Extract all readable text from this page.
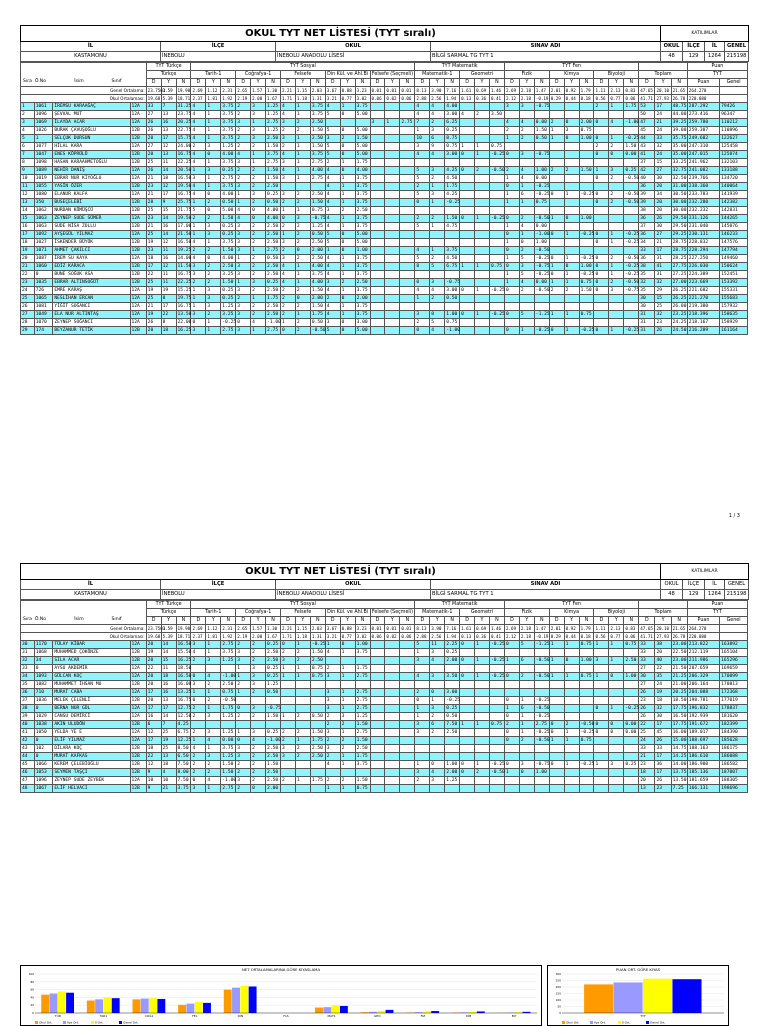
OKUL TYT NET LİSTESİ (TYT sıralı)				KATILIMLAR			
İL	İLÇE	OKUL	SINAV ADI	OKUL	İLÇE	İL	GENEL
KASTAMONU	İNEBOLU	İNEBOLU ANADOLU LİSESİ	BİLGİ SARMAL TG TYT 1	48	129	1264	215198
Sıra Ö.No İsim Sınıf				TYT Türkçe			TYT Sosyal															TYT Matematik						TYT Fen												Puan	
				Türkçe			Tarih-1			Coğrafya-1			Felsefe			Din Kül. ve Ahl.Bi			Felsefe (Seçmeli)			Matematik-1			Geometri			Fizik			Kimya			Biyoloji			Toplam			TYT	
				D	Y	N	D	Y	N	D	Y	N	D	Y	N	D	Y	N	D	Y	N	D	Y	N	D	Y	N	D	Y	N	D	Y	N	D	Y	N	D	Y	N	Puan	Genel
Genel Ortalama:				23.7501	3.59	19.90	2.69	1.12	2.31	2.65	1.57	1.30	2.21	1.15	2.03	3.67	0.88	3.23	0.01	0.01	0.01	8.13	3.90	7.16	1.61	0.69	1.46	2.69	2.18	1.47	2.01	0.92	1.79	1.11	2.13	0.83	47.65	20.10	21.65	264.270	
Okul Ortalaması:				19.68	5.39	18.71	2.37	1.81	1.92	2.19	2.08	1.67	1.71	1.18	1.31	3.21	0.77	3.02	0.06	0.02	0.06	2.88	2.56	1.94	0.13	0.36	0.41	2.12	2.18	-0.19	0.29	0.44	0.18	0.56	0.77	0.06	41.71	27.93	26.78	220.080	
1	1061	İREMSU KARAAĞAÇ	12A	33	7	31.25	4	1	3.75	2	3	1.25	4	1	3.75	4	1	3.75				4	4	4.00				3	3	-0.75				2	1	1.75	53	17	48.75	287.292	79426
2	1096	ŞEVVAL MUT	12A	27	13	23.75	4	1	3.75	2	3	1.25	4	1	3.75	5	0	5.00				4	4	3.00	4	2	3.50										50	24	44.00	273.416	96347
3	1069	İLAYDA ACAR	12A	26	16	20.25	4	1	3.75	3	1	2.75	3	2	2.50				3	1	2.75	7	2	6.25				4	4	0.00	2	0	2.00	0	4	-1.00	47	21	39.25	259.780	110212
4	1026	BURAK ÇAVUŞOĞLU	12B	26	13	22.75	4	1	3.75	2	3	1.25	2	2	1.50	5	0	5.00				1	3	0.25				2	2	1.50	1	3	0.75				45	24	39.00	259.307	110896
5	1	SELÇUK DURSUN	12B	20	17	15.75	4	1	3.75	2	3	2.50	3	1	2.50	3	2	1.50				10	6	8.75				1	2	0.50	1	0	1.00	0	1	-0.25	44	33	35.75	249.682	122627
6	1077	HİLAL KARA	12A	27	12	24.00	2	3	1.25	2	2	1.50	2	1	1.50	5	0	5.00				3	9	0.75	1	1	0.75							2	2	1.50	43	32	35.00	247.310	125458
7	1047	ENES KÖPRÜLÜ	12B	20	13	16.75	4	0	4.00	4	1	3.75	4	1	3.75	5	0	5.00				4	4	3.00	0	1	-0.25	0	3	-0.75				0	0	0.00	41	24	35.00	247.015	125874
8	1098	HASAN KARAAHMETOĞLU	12B	25	11	22.25	4	1	3.75	3	1	2.75	3	1	2.75	2	1	1.75																			37	15	33.25	241.962	132103
9	1089	NEHİR DANIŞ	12A	26	14	20.50	1	3	0.25	2	2	1.50	4	1	4.00	4	0	4.00				5	3	4.25	0	2	-0.50	2	4	1.00	2	2	1.50	1	3	0.25	42	27	32.75	241.082	133188
10	1019	EBRAR NUR KIYOĞLU	12A	21	18	16.50	3	1	2.75	2	2	1.50	3	1	2.75	4	1	3.75				5	2	4.50				1	4	0.00				0	2	-0.50	40	30	32.50	239.766	134720
11	1055	YASİN ÖZER	12B	23	12	19.50	4	1	3.75	3	2	2.50				4	1	3.75				2	1	1.75				0	1	-0.25							36	20	31.00	238.360	140064
12	1080	ELANUR KALFA	12A	21	17	16.75	4	0	4.00	1	3	0.25	3	2	2.50	4	1	3.75				5	3	4.25				1	6	-0.25	0	1	-0.25	0	2	-0.50	39	34	30.50	233.783	141939
13	350	BUSEÇELEBİ	12B	28	9	25.75	1	2	0.50	1	2	0.50	2	2	1.50	4	1	3.75				0	1	-0.25				1	1	0.75				0	2	-0.50	39	20	30.00	232.280	142382
14	1062	NURDAN KÖMÜŞCÜ	12B	25	15	21.75	5	0	5.00	4	0	4.00	1	1	0.75	3	2	2.50																			38	20	30.00	232.232	142831
15	1063	ZEYNEP SUDE SÜMER	12A	23	14	19.50	2	2	1.50	4	0	4.00	0	3	-0.75	4	1	3.75				2	2	1.50	0	1	-0.25	0	2	-0.50	1	0	1.00				36	26	29.50	231.126	144265
16	1063	SUDE NİSA ZOLLU	12B	21	16	17.00	1	3	0.25	3	2	2.50	2	2	1.25	4	1	3.75				5	1	4.75				1	4	0.00							37	30	29.50	231.040	145076
17	1092	AYŞEGÜL YILMAZ	12A	25	14	21.50	1	3	0.25	3	2	2.50	1	2	0.50	5	0	5.00										0	1	-1.00	0	1	-0.25	0	1	-0.25	36	27	29.25	230.131	146233
18	1027	İSKENDER BÜYÜK	12B	19	12	16.50	4	1	3.75	3	2	2.50	3	2	2.50	5	0	5.00										1	0	1.00				0	1	-0.25	34	21	28.75	228.832	147576
19	1071	AHMET ÇAKILCI	12B	23	11	19.25	2	2	1.50	3	1	2.75	2	0	2.00	1	0	1.00				4	1	3.75				0	2	-0.50							33	17	28.75	228.294	147794
20	1087	İREM SU KAYA	12A	18	16	14.00	4	0	4.00	1	2	0.50	3	2	2.50	4	1	3.75				5	2	4.50				1	5	-0.25	0	1	-0.25	0	2	-0.50	36	31	28.25	227.250	149460
21	1060	EDİZ KARACA	12B	17	12	11.50	3	2	2.50	3	2	2.50	4	1	4.00	4	1	3.75				8	5	6.75	1	1	0.75	0	3	-0.75	1	0	1.00	0	1	-0.25	38	41	27.75	226.030	150624
22	0	BUNE SOĞUK ASA	12B	22	11	16.75	3	2	3.25	3	2	2.50	4	1	3.75	4	1	3.75										1	5	-0.25	0	1	-0.25	0	1	-0.25	35	31	27.25	224.389	152451
23	1035	EBRAR ALTINSOĞÜT	12B	25	11	22.25	2	2	1.50	1	3	0.25	4	1	4.00	3	2	2.50				0	3	-0.75				1	4	0.00	1	1	0.75	0	2	-0.50	32	32	27.00	223.669	153392
24	726	EMRE KARAŞ	12A	19	19	15.25	1	3	0.25	3	2	2.50	2	2	1.50	4	1	3.75				4	4	3.00	0	1	-0.25	0	2	-0.50	2	2	1.50	0	3	-0.75	35	29	26.25	221.682	155331
25	1065	NESLİHAN ERCAN	12A	25	8	19.75	1	3	0.25	2	1	1.75	2	0	2.00	2	0	2.00				1	2	0.50													30	15	26.25	221.270	155683
26	1081	YİĞİT SOĞANCI	12A	21	17	16.75	1	3	1.25	3	2	2.50	2	2	1.50	4	1	3.75																			30	25	26.00	219.380	157932
27	1049	ELA NUR ALTINTAŞ	12A	19	22	13.50	3	2	3.25	3	2	2.50	2	1	1.75	4	1	3.75				3	8	1.00	0	1	-0.25	0	5	-1.25	1	1	0.75				31	32	23.25	218.396	158635
28	1070	ZEYNEP SOĞANCI	12A	26	8	22.00	0	1	-0.25	0	4	-1.00	1	2	0.50	3	0	3.00				2	5	0.75													31	23	24.25	218.167	158929
29	174	BEYZANUR TETİK	12B	20	18	16.25	3	1	2.75	3	1	2.75	0	2	-0.50	5	0	5.00				0	4	-1.00				0	1	-0.25	0	1	-0.25	0	1	-0.25	31	26	24.50	216.289	161164
1 / 3
OKUL TYT NET LİSTESİ (TYT sıralı)				KATILIMLAR			
İL	İLÇE	OKUL	SINAV ADI	OKUL	İLÇE	İL	GENEL
KASTAMONU	İNEBOLU	İNEBOLU ANADOLU LİSESİ	BİLGİ SARMAL TG TYT 1	48	129	1264	215198
Sıra Ö.No İsim Sınıf				TYT Türkçe			TYT Sosyal															TYT Matematik						TYT Fen												Puan	
				Türkçe			Tarih-1			Coğrafya-1			Felsefe			Din Kül. ve Ahl.Bi			Felsefe (Seçmeli)			Matematik-1			Geometri			Fizik			Kimya			Biyoloji			Toplam			TYT	
				D	Y	N	D	Y	N	D	Y	N	D	Y	N	D	Y	N	D	Y	N	D	Y	N	D	Y	N	D	Y	N	D	Y	N	D	Y	N	D	Y	N	Puan	Genel
Genel Ortalama:				23.7501	3.59	19.90	2.69	1.12	2.31	2.65	1.57	1.30	2.21	1.15	2.03	3.67	0.88	3.23	0.01	0.01	0.01	8.13	3.90	7.16	1.61	0.69	1.46	2.69	2.18	1.47	2.01	0.92	1.79	1.11	2.13	0.83	47.65	20.10	21.65	264.270	
Okul Ortalaması:				19.68	5.39	18.71	2.37	1.81	1.92	2.19	2.08	1.67	1.71	1.18	1.31	3.21	0.77	3.02	0.06	0.02	0.06	2.88	2.56	1.94	0.13	0.36	0.41	2.12	2.18	-0.19	0.29	0.44	0.18	0.56	0.77	0.06	41.71	27.93	26.78	220.080	
30	1170	TÜLAY KİBAR	12A	20	14	16.50	3	1	2.75	2	2	0.25	0	1	-0.25	1	0	1.00				5	11	2.25	0	1	-0.25	0	5	-1.25	1	1	0.75	1	1	0.75	33	38	23.00	213.822	163892
31	1068	MUHAMMED ÇOKÖNZE	12B	19	14	15.50	4	1	3.75	3	2	2.50	2	2	1.50	4	1	3.75				1	3	0.25													33	20	22.50	212.119	165104
32	34	SILA ACAR	12B	20	15	16.25	2	3	1.25	3	2	2.50	3	2	2.50							3	4	2.00	0	1	-0.25	1	6	-0.50	1	0	1.00	3	1	2.50	33	40	23.00	211.986	165296
33	0	AYSU AKDEMİR	12A	22	11	18.50				1	3	0.25	1	1	0.75	2	1	1.75																			27	22	21.50	207.659	169659
34	1093	GÜLCAN KOÇ	12A	20	18	16.50	0	4	-1.00	1	3	0.25	1	1	0.75	3	1	2.75				4	3	3.50	0	1	-0.25	0	2	-0.50	1	1	0.75	1	0	1.00	30	35	21.25	206.329	170099
35	1082	MUHAMMET İHSAN MU	12B	20	16	16.00	3	2	2.50	2	3	1.25																									27	24	21.00	206.164	170813
36	710	MURAT CABA	12A	17	16	13.25	1	1	0.75	1	2	0.50				3	1	2.75				2	0	3.00													26	19	20.25	204.088	172368
37	1036	MELEK ÇELENLİ	12B	20	13	16.75	0	2	-0.50							3	1	2.75				0	1	-0.25				0	1	-0.25							23	18	18.50	198.781	177019
38	0	BERNA NUR GÜL	12A	17	17	12.75	2	1	1.75	0	3	-0.75				3	1	2.75				1	3	0.25				1	6	-0.50				0	1	-0.25	26	32	17.75	196.832	178837
39	1029	CANSU DEMİRCİ	12A	16	14	12.50	2	3	1.25	2	2	1.50	1	2	0.50	2	3	1.25				1	2	0.50				0	1	-0.25							26	30	16.50	192.939	181620
40	1038	AKIN ULUDÖN	12B	6	7	4.25										2	2	1.50				3	6	7.50	1	1	0.75	2	1	2.75	0	2	-0.50	0	0	0.00	22	17	17.75	191.672	182399
41	1050	YELDA YE E	12A	12	25	6.75	2	3	1.25	1	3	0.25	2	2	1.50	3	1	2.75				3	2	2.50				0	1	-0.25	0	1	-0.25	0	0	0.00	25	45	16.00	189.017	184390
42	0	ELİF YILMAZ	12A	17	19	12.25	1	4	0.00	0	4	-1.00	2	1	1.75	2	2	1.50										0	2	-0.50	1	1	0.75				24	26	15.00	188.697	185628
43	102	DİLARA KOÇ	12B	18	25	8.50	4	1	3.75	3	2	2.50	3	2	2.50	3	2	2.50																			33	33	14.75	188.163	186175
44	0	MURAT KAFKAS	12B	22	13	6.50	2	3	1.25	3	2	2.50	3	2	2.50	2	1	1.75																			21	17	14.25	186.610	186088
45	1066	KEREM ÇELEBİOĞLU	12B	12	18	7.50	2	2	1.50	2	2	1.50				4	1	3.75				1	0	1.00	0	1	-0.25	0	3	-0.75	0	1	-0.25	1	3	0.25	23	36	14.00	186.900	186582
46	1053	SEYMEN TAŞÇI	12B	9	4	8.00	2	2	1.50	2	2	2.50										3	4	2.00	0	2	-0.50	1	0	1.00							18	17	13.75	185.136	187007
47	1096	ZEYNEP SUDE ZEYBEK	12A	10	10	7.50	0	4	-1.00	3	2	2.50	2	1	1.75	2	2	1.50				2	3	1.25													20	26	13.50	181.659	188305
48	1067	ELİF HELVACI	12B	9	21	3.75	3	1	2.75	2	0	2.00				1	1	0.75																			13	23	7.25	166.131	198696
NET ORTALAMALARINA GÖRE KIYASLAMA
100
80
60
40
20
0
TÜR	TAR1	COĞ1	FEL	DİN	FLS	MAT1	GEO	FİZ	KİM	BİY
Okul Ort.	İlçe Ort.	İl Ort.	Genel Ort.
PUAN ORT. GÖRE KIYAS
300
250
200
150
100
50
0
TYT
Okul Ort.	İlçe Ort.	İl Ort.	Genel Ort.
